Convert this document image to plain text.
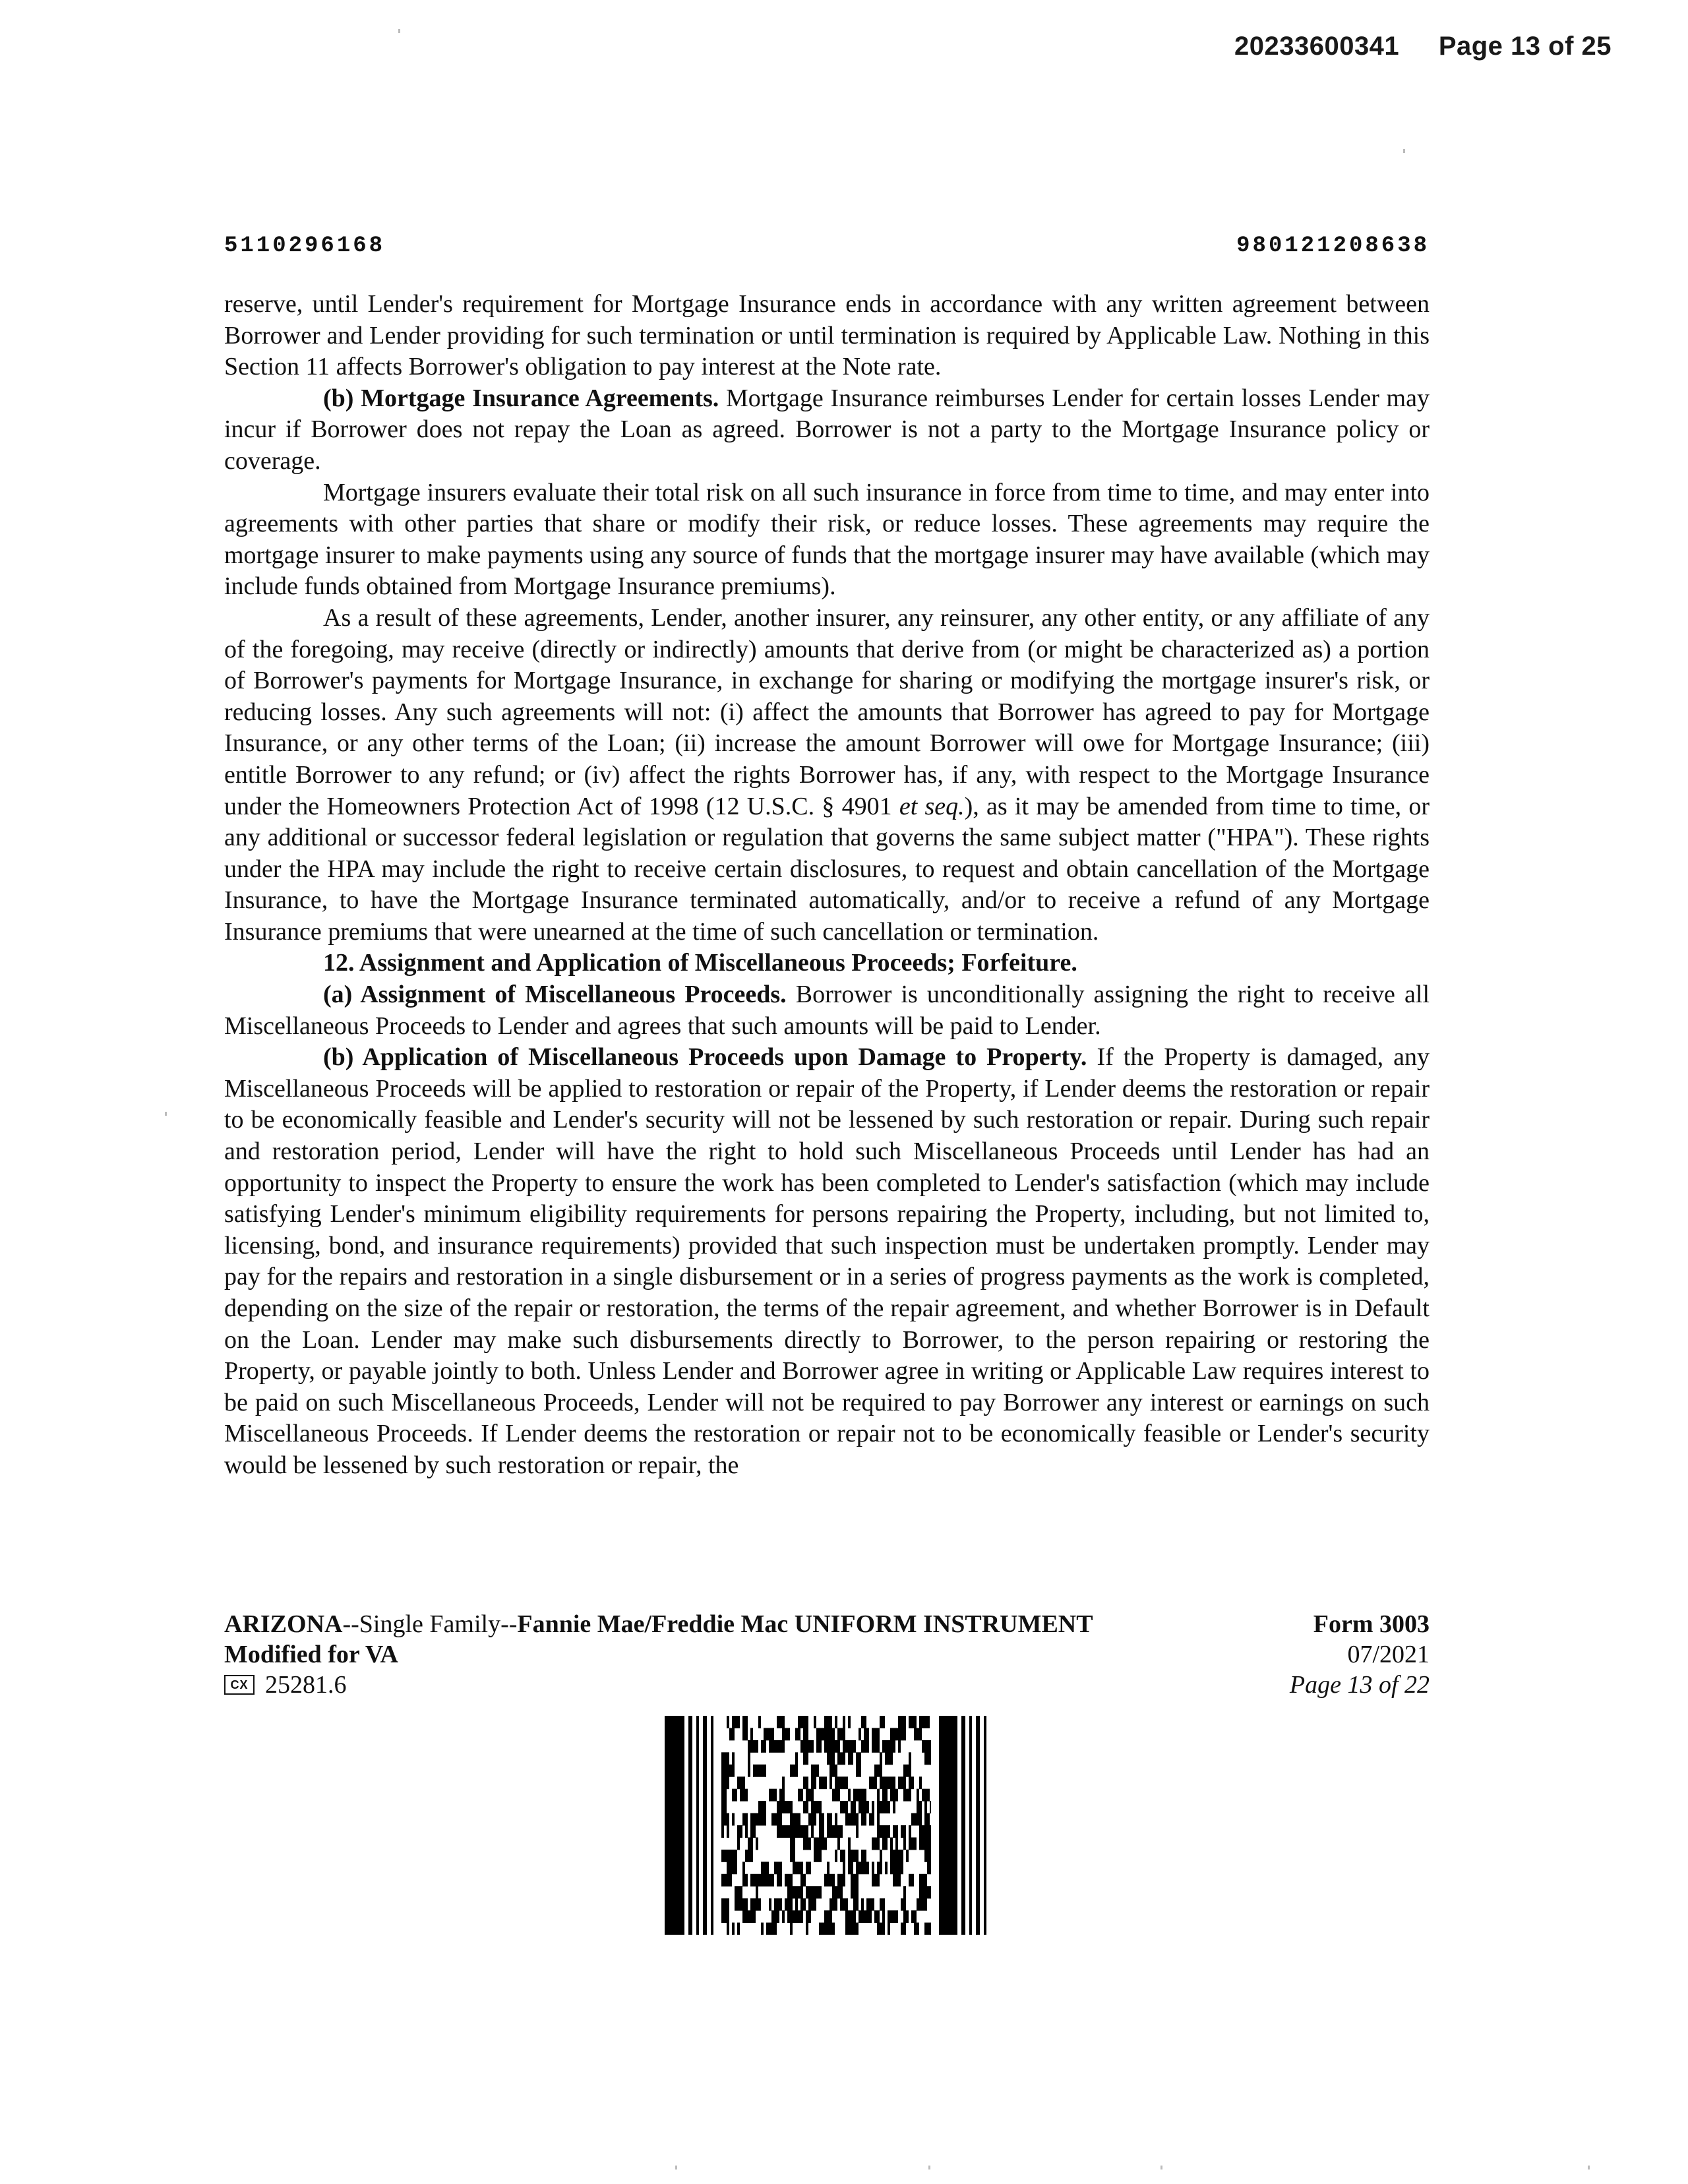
20233600341 Page 13 of 25
5110296168	980121208638

reserve, until Lender's requirement for Mortgage Insurance ends in accordance with any written agreement between Borrower and Lender providing for such termination or until termination is required by Applicable Law. Nothing in this Section 11 affects Borrower's obligation to pay interest at the Note rate.

(b) Mortgage Insurance Agreements. Mortgage Insurance reimburses Lender for certain losses Lender may incur if Borrower does not repay the Loan as agreed. Borrower is not a party to the Mortgage Insurance policy or coverage.

Mortgage insurers evaluate their total risk on all such insurance in force from time to time, and may enter into agreements with other parties that share or modify their risk, or reduce losses. These agreements may require the mortgage insurer to make payments using any source of funds that the mortgage insurer may have available (which may include funds obtained from Mortgage Insurance premiums).

As a result of these agreements, Lender, another insurer, any reinsurer, any other entity, or any affiliate of any of the foregoing, may receive (directly or indirectly) amounts that derive from (or might be characterized as) a portion of Borrower's payments for Mortgage Insurance, in exchange for sharing or modifying the mortgage insurer's risk, or reducing losses. Any such agreements will not: (i) affect the amounts that Borrower has agreed to pay for Mortgage Insurance, or any other terms of the Loan; (ii) increase the amount Borrower will owe for Mortgage Insurance; (iii) entitle Borrower to any refund; or (iv) affect the rights Borrower has, if any, with respect to the Mortgage Insurance under the Homeowners Protection Act of 1998 (12 U.S.C. § 4901 et seq.), as it may be amended from time to time, or any additional or successor federal legislation or regulation that governs the same subject matter ("HPA"). These rights under the HPA may include the right to receive certain disclosures, to request and obtain cancellation of the Mortgage Insurance, to have the Mortgage Insurance terminated automatically, and/or to receive a refund of any Mortgage Insurance premiums that were unearned at the time of such cancellation or termination.

12. Assignment and Application of Miscellaneous Proceeds; Forfeiture.

(a) Assignment of Miscellaneous Proceeds. Borrower is unconditionally assigning the right to receive all Miscellaneous Proceeds to Lender and agrees that such amounts will be paid to Lender.

(b) Application of Miscellaneous Proceeds upon Damage to Property. If the Property is damaged, any Miscellaneous Proceeds will be applied to restoration or repair of the Property, if Lender deems the restoration or repair to be economically feasible and Lender's security will not be lessened by such restoration or repair. During such repair and restoration period, Lender will have the right to hold such Miscellaneous Proceeds until Lender has had an opportunity to inspect the Property to ensure the work has been completed to Lender's satisfaction (which may include satisfying Lender's minimum eligibility requirements for persons repairing the Property, including, but not limited to, licensing, bond, and insurance requirements) provided that such inspection must be undertaken promptly. Lender may pay for the repairs and restoration in a single disbursement or in a series of progress payments as the work is completed, depending on the size of the repair or restoration, the terms of the repair agreement, and whether Borrower is in Default on the Loan. Lender may make such disbursements directly to Borrower, to the person repairing or restoring the Property, or payable jointly to both. Unless Lender and Borrower agree in writing or Applicable Law requires interest to be paid on such Miscellaneous Proceeds, Lender will not be required to pay Borrower any interest or earnings on such Miscellaneous Proceeds. If Lender deems the restoration or repair not to be economically feasible or Lender's security would be lessened by such restoration or repair, the

ARIZONA--Single Family--Fannie Mae/Freddie Mac UNIFORM INSTRUMENT
Modified for VA
CX 25281.6
Form 3003
07/2021
Page 13 of 22
